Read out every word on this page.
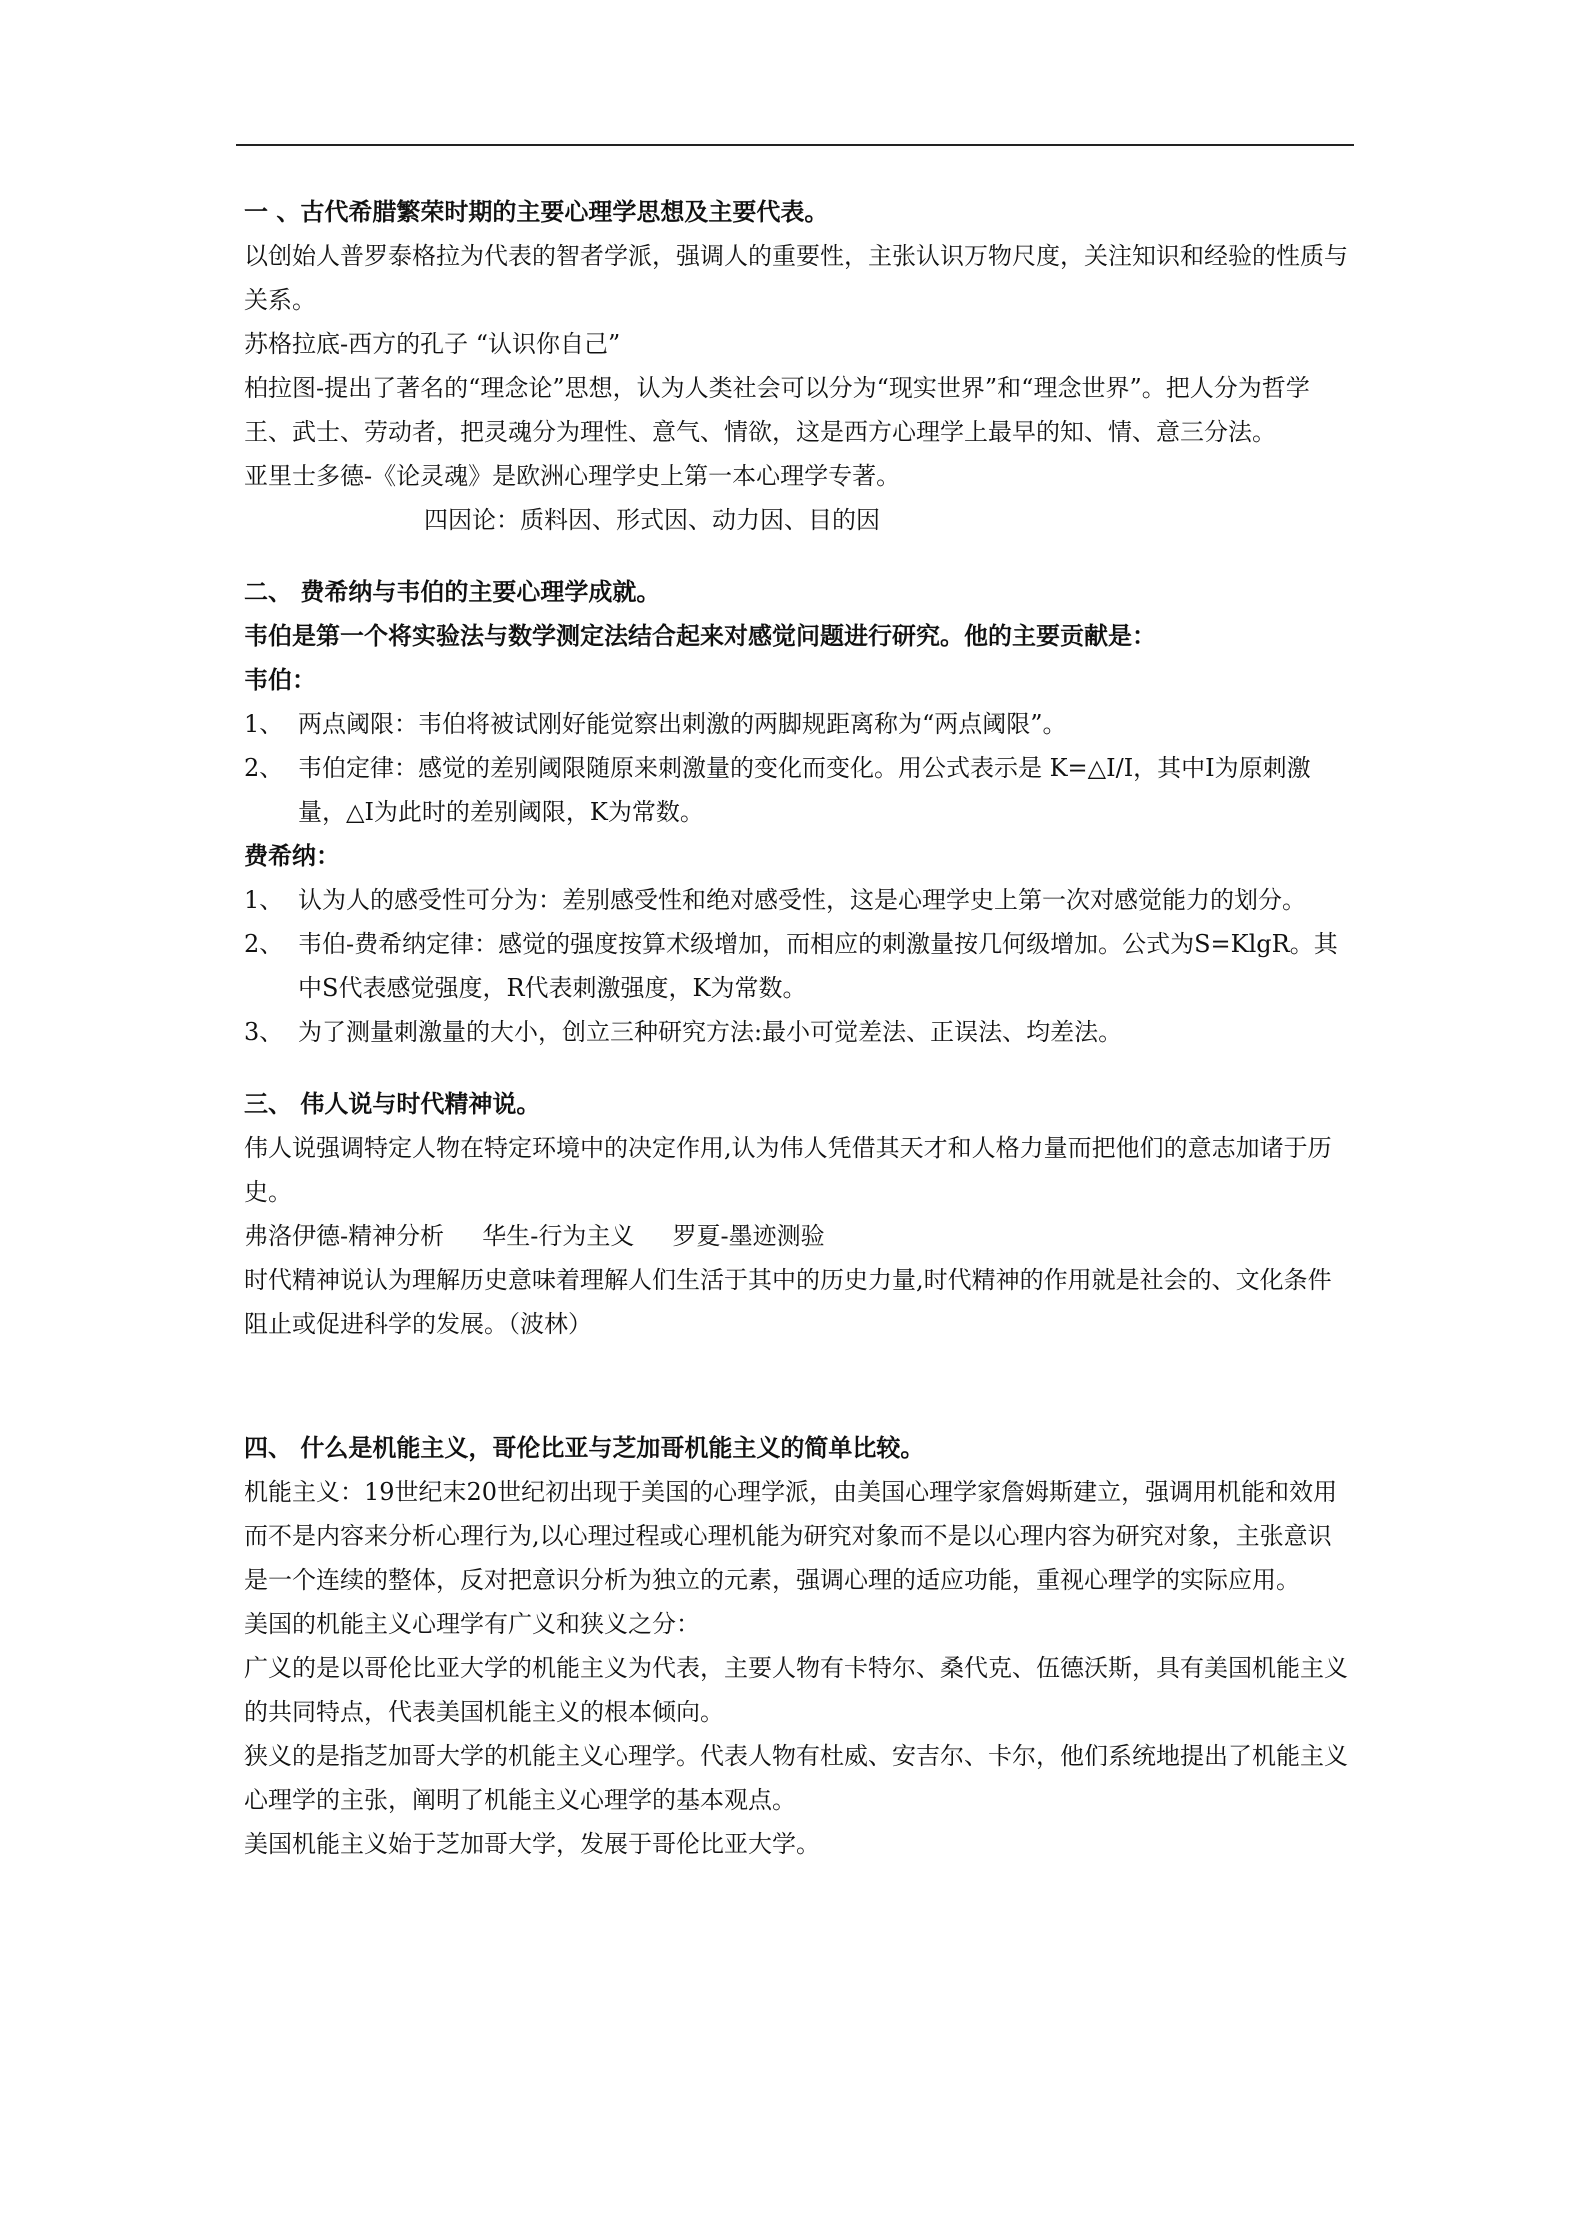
一 、古代希腊繁荣时期的主要心理学思想及主要代表。

以创始人普罗泰格拉为代表的智者学派，强调人的重要性，主张认识万物尺度，关注知识和经验的性质与关系。

苏格拉底-西方的孔子 “认识你自己”

柏拉图-提出了著名的“理念论”思想，认为人类社会可以分为“现实世界”和“理念世界”。把人分为哲学王、武士、劳动者，把灵魂分为理性、意气、情欲，这是西方心理学上最早的知、情、意三分法。

亚里士多德-《论灵魂》是欧洲心理学史上第一本心理学专著。

四因论：质料因、形式因、动力因、目的因

二、 费希纳与韦伯的主要心理学成就。

韦伯是第一个将实验法与数学测定法结合起来对感觉问题进行研究。他的主要贡献是：

韦伯：

1、 两点阈限：韦伯将被试刚好能觉察出刺激的两脚规距离称为“两点阈限”。
2、 韦伯定律：感觉的差别阈限随原来刺激量的变化而变化。用公式表示是 K=△I/I，其中I为原刺激量，△I为此时的差别阈限，K为常数。

费希纳：

1、 认为人的感受性可分为：差别感受性和绝对感受性，这是心理学史上第一次对感觉能力的划分。
2、 韦伯-费希纳定律：感觉的强度按算术级增加，而相应的刺激量按几何级增加。公式为S=KlgR。其中S代表感觉强度，R代表刺激强度，K为常数。
3、 为了测量刺激量的大小，创立三种研究方法:最小可觉差法、正误法、均差法。

三、 伟人说与时代精神说。

伟人说强调特定人物在特定环境中的决定作用,认为伟人凭借其天才和人格力量而把他们的意志加诸于历史。

弗洛伊德-精神分析
华生-行为主义
罗夏-墨迹测验

时代精神说认为理解历史意味着理解人们生活于其中的历史力量,时代精神的作用就是社会的、文化条件阻止或促进科学的发展。（波林）

四、 什么是机能主义，哥伦比亚与芝加哥机能主义的简单比较。

机能主义：19世纪末20世纪初出现于美国的心理学派，由美国心理学家詹姆斯建立，强调用机能和效用而不是内容来分析心理行为,以心理过程或心理机能为研究对象而不是以心理内容为研究对象，主张意识是一个连续的整体，反对把意识分析为独立的元素，强调心理的适应功能，重视心理学的实际应用。

美国的机能主义心理学有广义和狭义之分：

广义的是以哥伦比亚大学的机能主义为代表，主要人物有卡特尔、桑代克、伍德沃斯，具有美国机能主义的共同特点，代表美国机能主义的根本倾向。

狭义的是指芝加哥大学的机能主义心理学。代表人物有杜威、安吉尔、卡尔，他们系统地提出了机能主义心理学的主张，阐明了机能主义心理学的基本观点。

美国机能主义始于芝加哥大学，发展于哥伦比亚大学。
